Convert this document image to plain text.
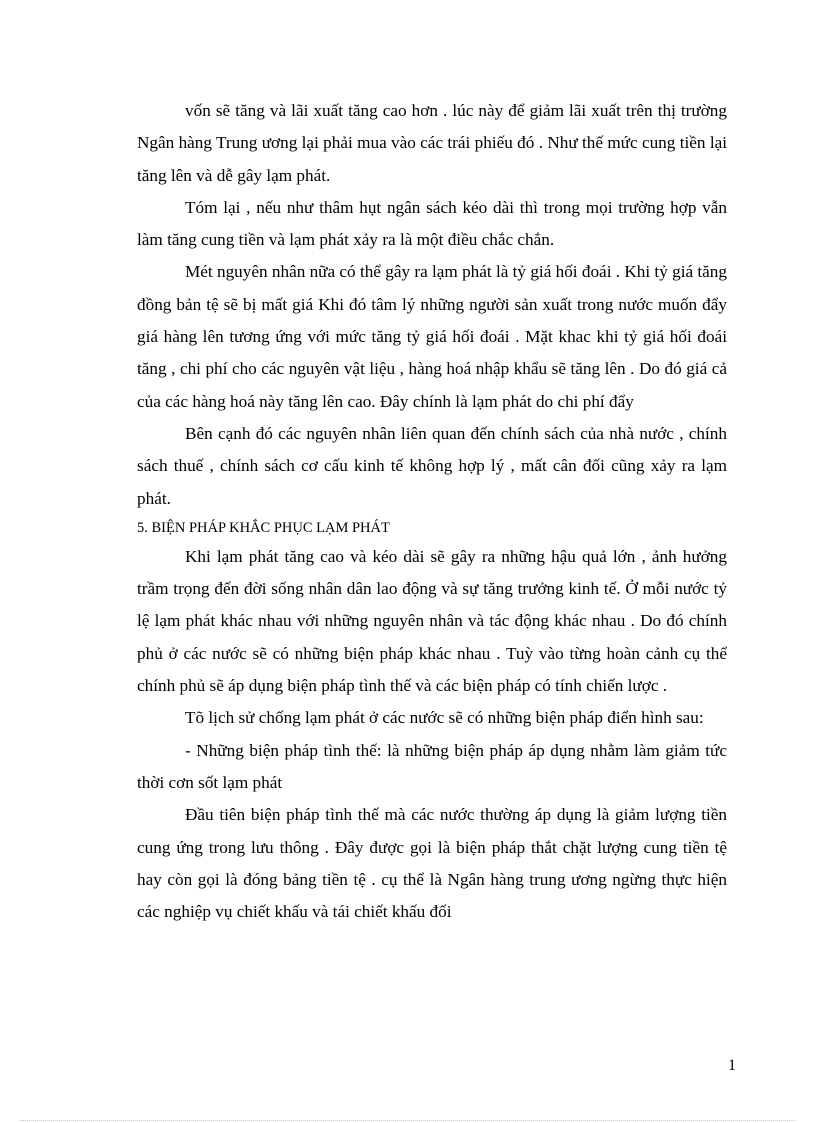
vốn sẽ tăng và lãi xuất tăng cao hơn . lúc này để giảm lãi xuất trên thị trường Ngân hàng Trung ương lại phải mua vào các trái phiếu đó . Như thế mức cung tiền lại tăng lên và dễ gây lạm phát.

Tóm lại , nếu như thâm hụt ngân sách kéo dài thì trong mọi trường hợp vẫn làm tăng cung tiền và lạm phát xảy ra là một điều chắc chắn.

Mét nguyên nhân nữa có thể gây ra lạm phát là tỷ giá hối đoái . Khi tỷ giá tăng đồng bản tệ sẽ bị mất giá Khi đó tâm lý những người sản xuất trong nước muốn đẩy giá hàng lên tương ứng với mức tăng tỷ giá hối đoái . Mặt khac khi tỷ giá hối đoái tăng , chi phí cho các nguyên vật liệu , hàng hoá nhập khẩu sẽ tăng lên . Do đó giá cả của các hàng hoá này tăng lên cao. Đây chính là lạm phát do chi phí đẩy

Bên cạnh đó các nguyên nhân liên quan đến chính sách của nhà nước , chính sách thuế , chính sách cơ cấu kinh tế không hợp lý , mất cân đối cũng xảy ra lạm phát.

5. BIỆN PHÁP KHẮC PHỤC LẠM PHÁT

Khi lạm phát tăng cao và kéo dài sẽ gây ra những hậu quả lớn , ảnh hưởng trầm trọng đến đời sống nhân dân lao động và sự tăng trưởng kinh tế. Ở mỗi nước tỷ lệ lạm phát khác nhau với những nguyên nhân và tác động khác nhau . Do đó chính phủ ở các nước sẽ có những biện pháp khác nhau . Tuỳ vào từng hoàn cảnh cụ thể chính phủ sẽ áp dụng biện pháp tình thế và các biện pháp có tính chiến lược .

Tõ lịch sử chống lạm phát ở các nước sẽ có những biện pháp điển hình sau:

- Những biện pháp tình thế: là những biện pháp áp dụng nhằm làm giảm tức thời cơn sốt lạm phát

Đầu tiên biện pháp tình thế mà các nước thường áp dụng là giảm lượng tiền cung ứng trong lưu thông . Đây được gọi là biện pháp thắt chặt lượng cung tiền tệ hay còn gọi là đóng bảng tiền tệ . cụ thể là Ngân hàng trung ương ngừng thực hiện các nghiệp vụ chiết khấu và tái chiết khấu đối

1
